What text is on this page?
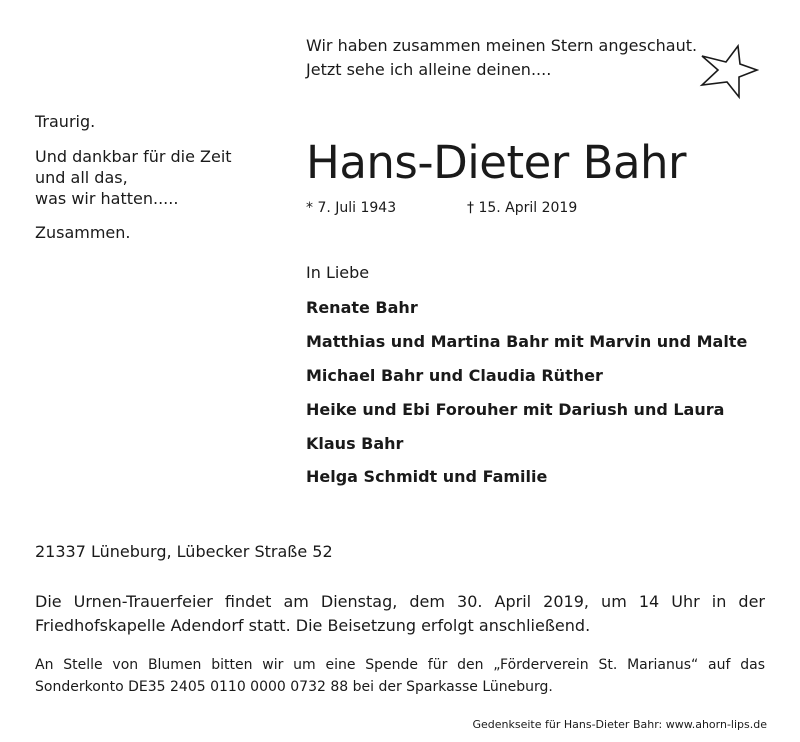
Wir haben zusammen meinen Stern angeschaut.
Jetzt sehe ich alleine deinen....
Traurig.
Und dankbar für die Zeit
und all das,
was wir hatten.....
Zusammen.
Hans-Dieter Bahr
* 7. Juli 1943	† 15. April 2019
In Liebe
Renate Bahr
Matthias und Martina Bahr mit Marvin und Malte
Michael Bahr und Claudia Rüther
Heike und Ebi Forouher mit Dariush und Laura
Klaus Bahr
Helga Schmidt und Familie
21337 Lüneburg, Lübecker Straße 52
Die Urnen-Trauerfeier findet am Dienstag, dem 30. April 2019, um 14 Uhr in der Friedhofskapelle Adendorf statt. Die Beisetzung erfolgt anschließend.
An Stelle von Blumen bitten wir um eine Spende für den „Förderverein St. Marianus“ auf das Sonderkonto DE35 2405 0110 0000 0732 88 bei der Sparkasse Lüneburg.
Gedenkseite für Hans-Dieter Bahr: www.ahorn-lips.de
